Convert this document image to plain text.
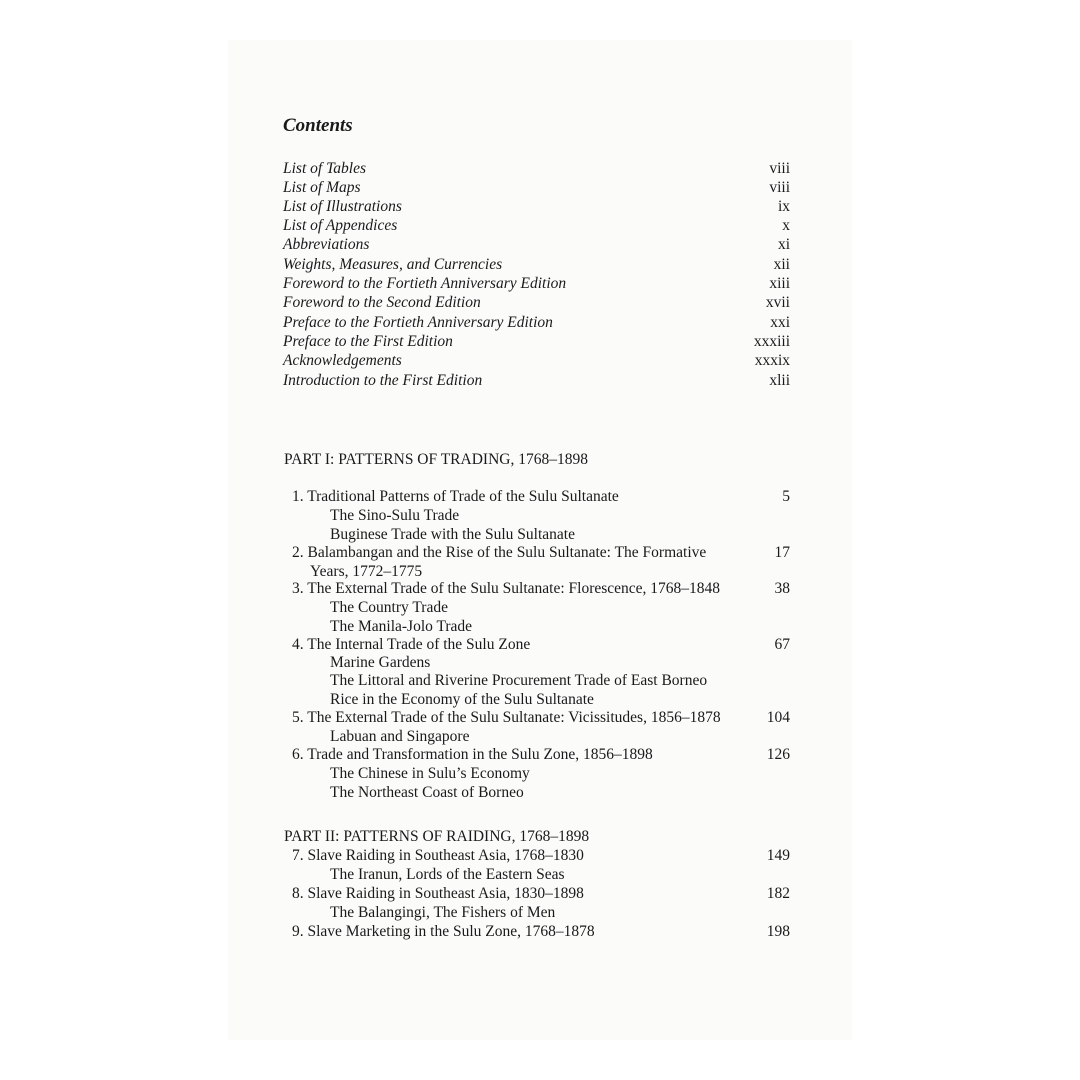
Contents
List of Tables	viii
List of Maps	viii
List of Illustrations	ix
List of Appendices	x
Abbreviations	xi
Weights, Measures, and Currencies	xii
Foreword to the Fortieth Anniversary Edition	xiii
Foreword to the Second Edition	xvii
Preface to the Fortieth Anniversary Edition	xxi
Preface to the First Edition	xxxiii
Acknowledgements	xxxix
Introduction to the First Edition	xlii
PART I: PATTERNS OF TRADING, 1768–1898
1. Traditional Patterns of Trade of the Sulu Sultanate	5
The Sino-Sulu Trade
Buginese Trade with the Sulu Sultanate
2. Balambangan and the Rise of the Sulu Sultanate: The Formative	17
Years, 1772–1775
3. The External Trade of the Sulu Sultanate: Florescence, 1768–1848	38
The Country Trade
The Manila-Jolo Trade
4. The Internal Trade of the Sulu Zone	67
Marine Gardens
The Littoral and Riverine Procurement Trade of East Borneo
Rice in the Economy of the Sulu Sultanate
5. The External Trade of the Sulu Sultanate: Vicissitudes, 1856–1878	104
Labuan and Singapore
6. Trade and Transformation in the Sulu Zone, 1856–1898	126
The Chinese in Sulu’s Economy
The Northeast Coast of Borneo
PART II: PATTERNS OF RAIDING, 1768–1898
7. Slave Raiding in Southeast Asia, 1768–1830	149
The Iranun, Lords of the Eastern Seas
8. Slave Raiding in Southeast Asia, 1830–1898	182
The Balangingi, The Fishers of Men
9. Slave Marketing in the Sulu Zone, 1768–1878	198
